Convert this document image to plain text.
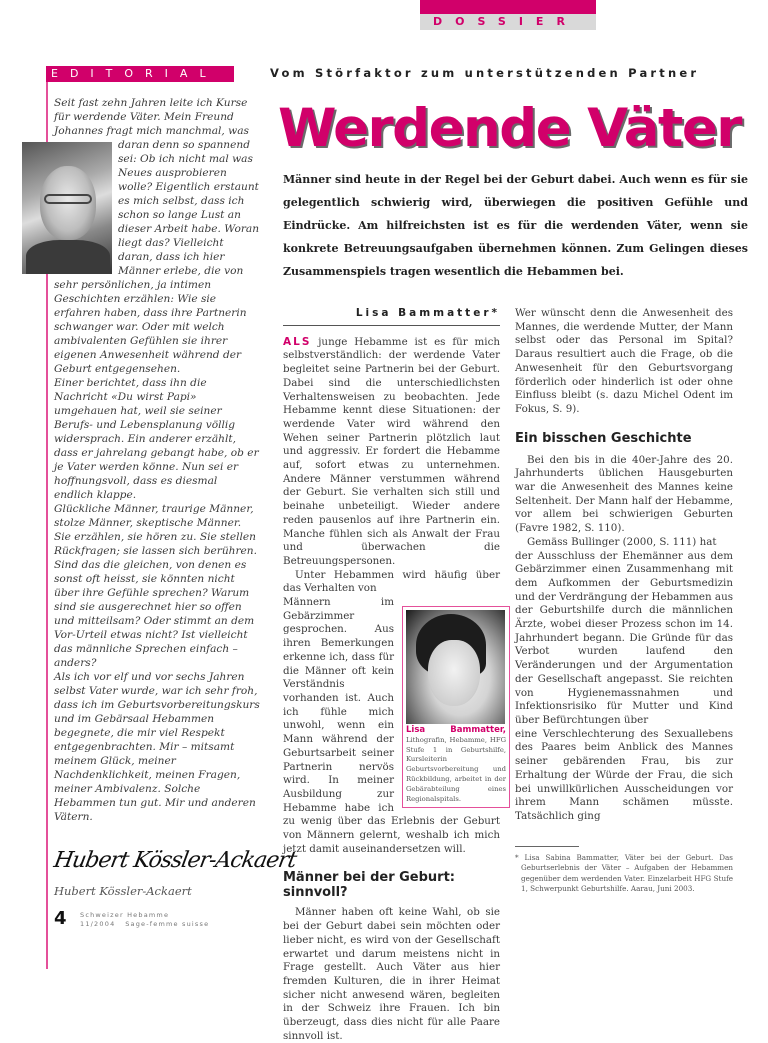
DOSSIER
EDITORIAL

Seit fast zehn Jahren leite ich Kurse für werdende Väter. Mein Freund Johannes fragt mich manchmal, was daran denn so
spannend sei: Ob ich nicht mal was Neues ausprobieren wolle? Eigentlich erstaunt es mich selbst, dass ich schon so lange Lust an dieser Arbeit habe. Woran liegt das? Vielleicht daran, dass ich hier Männer erlebe, die von sehr persönlichen, ja intimen Geschichten erzählen: Wie sie erfahren haben, dass ihre Partnerin schwanger war. Oder mit welch ambivalenten Gefühlen sie ihrer eigenen Anwesenheit während der Geburt entgegensehen.

Einer berichtet, dass ihn die Nachricht «Du wirst Papi» umgehauen hat, weil sie seiner Berufs- und Lebensplanung völlig widersprach. Ein anderer erzählt, dass er jahrelang gebangt habe, ob er je Vater werden könne. Nun sei er hoffnungsvoll, dass es diesmal endlich klappe.

Glückliche Männer, traurige Männer, stolze Männer, skeptische Männer. Sie erzählen, sie hören zu. Sie stellen Rückfragen; sie lassen sich berühren.

Sind das die gleichen, von denen es sonst oft heisst, sie könnten nicht über ihre Gefühle sprechen? Warum sind sie ausgerechnet hier so offen und mitteilsam? Oder stimmt an dem Vor-Urteil etwas nicht? Ist vielleicht das männliche Sprechen einfach – anders?

Als ich vor elf und vor sechs Jahren selbst Vater wurde, war ich sehr froh, dass ich im Geburtsvorbereitungskurs und im Gebärsaal Hebammen begegnete, die mir viel Respekt entgegenbrachten. Mir – mitsamt meinem Glück, meiner Nachdenklichkeit, meinen Fragen, meiner Ambivalenz. Solche Hebammen tun gut. Mir und anderen Vätern.

Hubert Kössler-Ackaert
Hubert Kössler-Ackaert
4	Schweizer Hebamme
11/2004 Sage-femme suisse
Vom Störfaktor zum unterstützenden Partner
Werdende Väter
Männer sind heute in der Regel bei der Geburt dabei. Auch wenn es für sie gelegentlich schwierig wird, überwiegen die positiven Gefühle und Eindrücke. Am hilfreichsten ist es für die werdenden Väter, wenn sie konkrete Betreuungsaufgaben übernehmen können. Zum Gelingen dieses Zusammenspiels tragen wesentlich die Hebammen bei.
Lisa Bammatter*

ALS junge Hebamme ist es für mich selbstverständlich: der werdende Vater begleitet seine Partnerin bei der Geburt. Dabei sind die unterschiedlichsten Verhaltensweisen zu beobachten. Jede Hebamme kennt diese Situationen: der werdende Vater wird während den Wehen seiner Partnerin plötzlich laut und aggressiv. Er fordert die Hebamme auf, sofort etwas zu unternehmen. Andere Männer verstummen während der Geburt. Sie verhalten sich still und beinahe unbeteiligt. Wieder andere reden pausenlos auf ihre Partnerin ein. Manche fühlen sich als Anwalt der Frau und überwachen die Betreuungspersonen.

Unter Hebammen wird häufig über das Verhalten von

Lisa Bammatter, Lithografin, Hebamme, HFG Stufe 1 in Geburtshilfe, Kursleiterin Geburtsvorbereitung und Rückbildung, arbeitet in der Gebärabteilung eines Regionalspitals.

Männern im Gebärzimmer gesprochen. Aus ihren Bemerkungen erkenne ich, dass für die Männer oft kein Verständnis vorhanden ist. Auch ich fühle mich unwohl, wenn ein Mann während der Geburtsarbeit seiner Partnerin nervös wird. In meiner Ausbildung zur Hebamme habe ich zu wenig über das Erlebnis der Geburt von Männern gelernt, weshalb ich mich jetzt damit auseinandersetzen will.

Männer bei der Geburt: sinnvoll?

Männer haben oft keine Wahl, ob sie bei der Geburt dabei sein möchten oder lieber nicht, es wird von der Gesellschaft erwartet und darum meistens nicht in Frage gestellt. Auch Väter aus hier fremden Kulturen, die in ihrer Heimat sicher nicht anwesend wären, begleiten in der Schweiz ihre Frauen. Ich bin überzeugt, dass dies nicht für alle Paare sinnvoll ist.

Wer wünscht denn die Anwesenheit des Mannes, die werdende Mutter, der Mann selbst oder das Personal im Spital? Daraus resultiert auch die Frage, ob die Anwesenheit für den Geburtsvorgang förderlich oder hinderlich ist oder ohne Einfluss bleibt (s. dazu Michel Odent im Fokus, S. 9).

Ein bisschen Geschichte

Bei den bis in die 40er-Jahre des 20. Jahrhunderts üblichen Hausgeburten war die Anwesenheit des Mannes keine Seltenheit. Der Mann half der Hebamme, vor allem bei schwierigen Geburten (Favre 1982, S. 110).

Gemäss Bullinger (2000, S. 111) hat

der Ausschluss der Ehemänner aus dem Gebärzimmer einen Zusammenhang mit dem Aufkommen der Geburtsmedizin und der Verdrängung der Hebammen aus der Geburtshilfe durch die männlichen Ärzte, wobei dieser Prozess schon im 14. Jahrhundert begann. Die Gründe für das Verbot wurden laufend den Veränderungen und der Argumentation der Gesellschaft angepasst. Sie reichten von Hygienemassnahmen und Infektionsrisiko für Mutter und Kind über Befürchtungen über

eine Verschlechterung des Sexuallebens des Paares beim Anblick des Mannes seiner gebärenden Frau, bis zur Erhaltung der Würde der Frau, die sich bei unwillkürlichen Ausscheidungen vor ihrem Mann schämen müsste. Tatsächlich ging

* Lisa Sabina Bammatter, Väter bei der Geburt. Das Geburtserlebnis der Väter – Aufgaben der Hebammen gegenüber dem werdenden Vater. Einzelarbeit HFG Stufe 1, Schwerpunkt Geburtshilfe. Aarau, Juni 2003.
